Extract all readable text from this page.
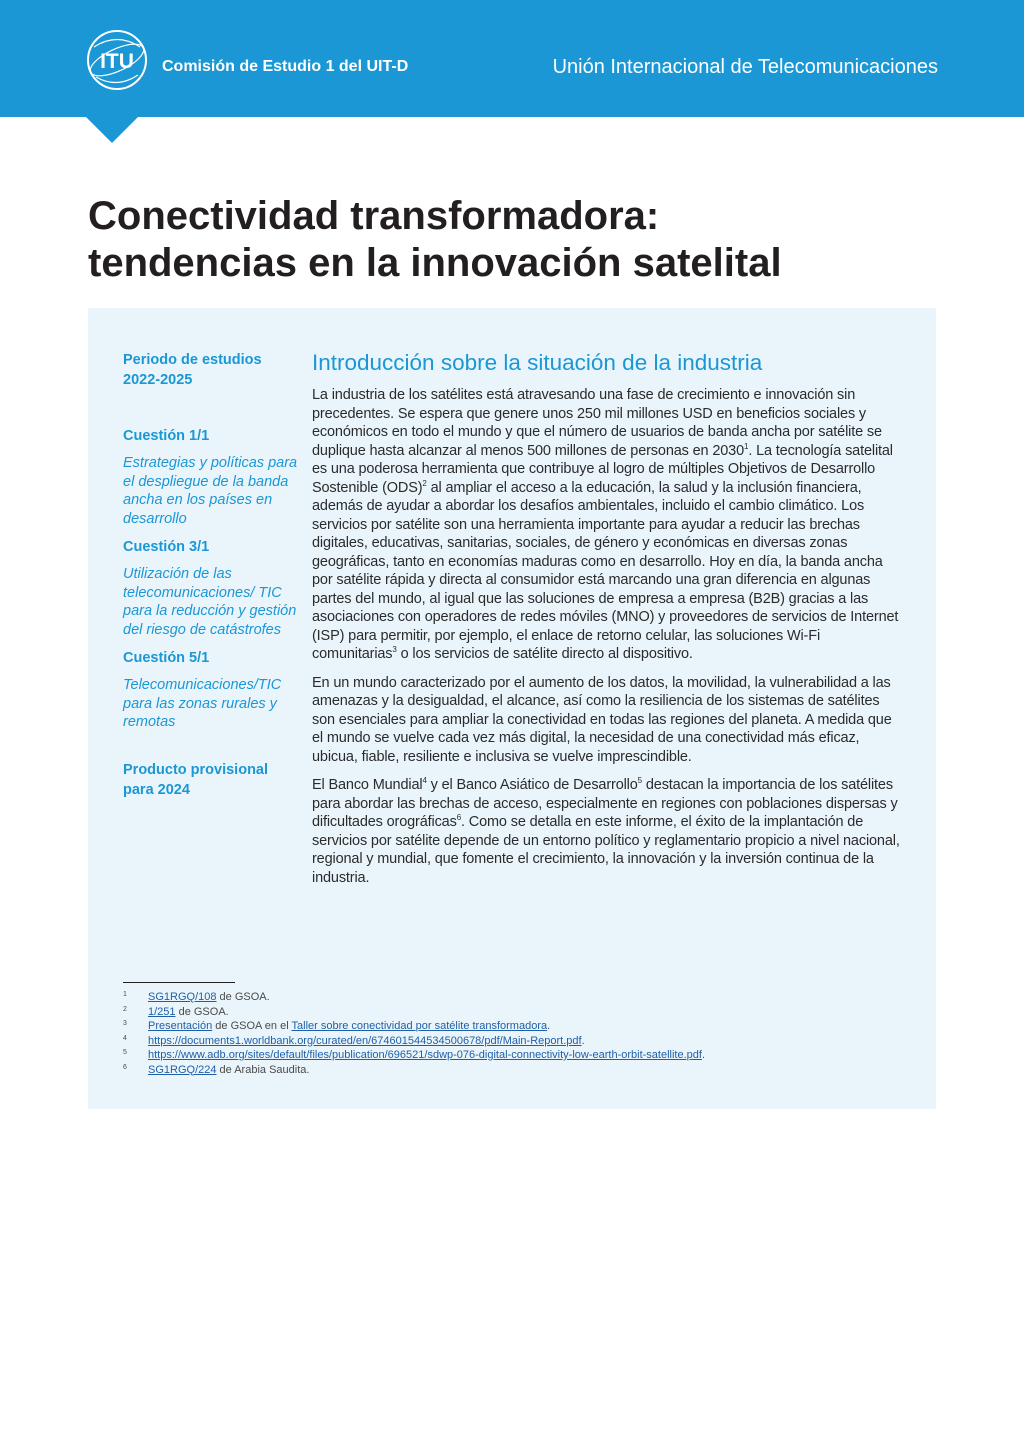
ITU Comisión de Estudio 1 del UIT-D	Unión Internacional de Telecomunicaciones
Conectividad transformadora:
tendencias en la innovación satelital

Periodo de estudios
2022-2025

Cuestión 1/1

Estrategias y políticas para el despliegue de la banda ancha en los países en desarrollo

Cuestión 3/1

Utilización de las telecomunicaciones/ TIC para la reducción y gestión del riesgo de catástrofes

Cuestión 5/1

Telecomunicaciones/TIC para las zonas rurales y remotas

Producto provisional
para 2024

Introducción sobre la situación de la industria

La industria de los satélites está atravesando una fase de crecimiento e innovación sin precedentes. Se espera que genere unos 250 mil millones USD en beneficios sociales y económicos en todo el mundo y que el número de usuarios de banda ancha por satélite se duplique hasta alcanzar al menos 500 millones de personas en 2030$^1$. La tecnología satelital es una poderosa herramienta que contribuye al logro de múltiples Objetivos de Desarrollo Sostenible (ODS)$^2$ al ampliar el acceso a la educación, la salud y la inclusión financiera, además de ayudar a abordar los desafíos ambientales, incluido el cambio climático. Los servicios por satélite son una herramienta importante para ayudar a reducir las brechas digitales, educativas, sanitarias, sociales, de género y económicas en diversas zonas geográficas, tanto en economías maduras como en desarrollo. Hoy en día, la banda ancha por satélite rápida y directa al consumidor está marcando una gran diferencia en algunas partes del mundo, al igual que las soluciones de empresa a empresa (B2B) gracias a las asociaciones con operadores de redes móviles (MNO) y proveedores de servicios de Internet (ISP) para permitir, por ejemplo, el enlace de retorno celular, las soluciones Wi-Fi comunitarias$^3$ o los servicios de satélite directo al dispositivo.

En un mundo caracterizado por el aumento de los datos, la movilidad, la vulnerabilidad a las amenazas y la desigualdad, el alcance, así como la resiliencia de los sistemas de satélites son esenciales para ampliar la conectividad en todas las regiones del planeta. A medida que el mundo se vuelve cada vez más digital, la necesidad de una conectividad más eficaz, ubicua, fiable, resiliente e inclusiva se vuelve imprescindible.

El Banco Mundial$^4$ y el Banco Asiático de Desarrollo$^5$ destacan la importancia de los satélites para abordar las brechas de acceso, especialmente en regiones con poblaciones dispersas y dificultades orográficas$^6$. Como se detalla en este informe, el éxito de la implantación de servicios por satélite depende de un entorno político y reglamentario propicio a nivel nacional, regional y mundial, que fomente el crecimiento, la innovación y la inversión continua de la industria.

1 SG1RGQ/108 de GSOA.
2 1/251 de GSOA.
3 Presentación de GSOA en el Taller sobre conectividad por satélite transformadora.
4 https://documents1.worldbank.org/curated/en/674601544534500678/pdf/Main-Report.pdf.
5 https://www.adb.org/sites/default/files/publication/696521/sdwp-076-digital-connectivity-low-earth-orbit-satellite.pdf.
6 SG1RGQ/224 de Arabia Saudita.
